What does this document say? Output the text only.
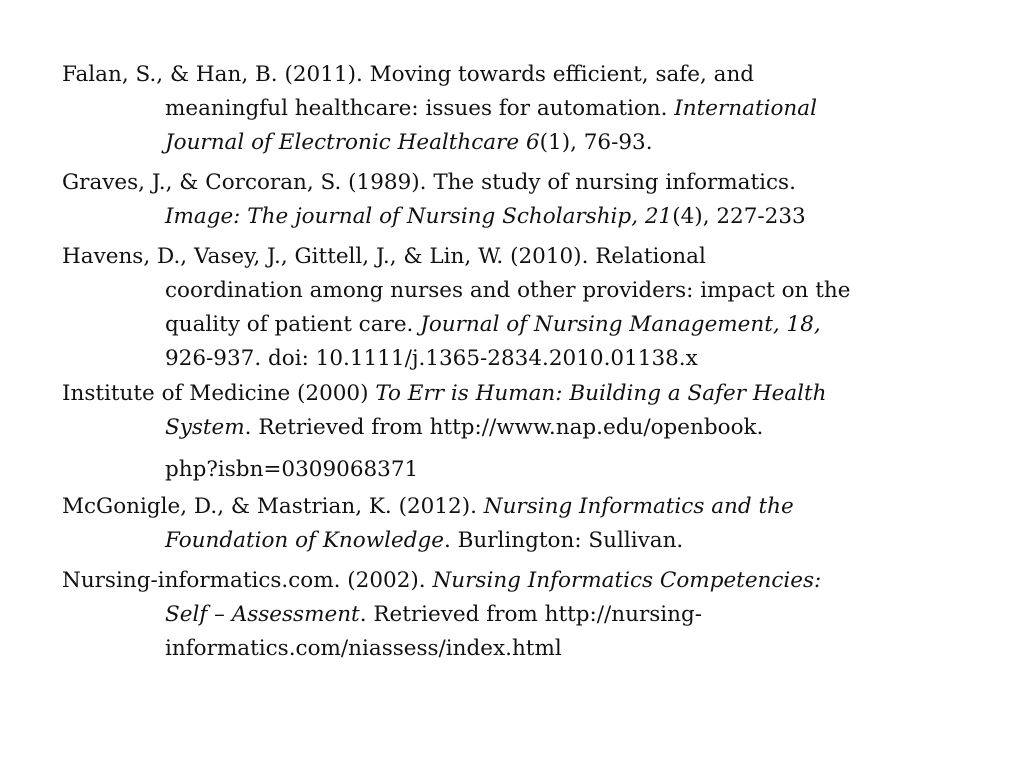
Falan, S., & Han, B. (2011). Moving towards efficient, safe, and
meaningful healthcare: issues for automation. International
Journal of Electronic Healthcare 6(1), 76-93.
Graves, J., & Corcoran, S. (1989). The study of nursing informatics.
Image: The journal of Nursing Scholarship, 21(4), 227-233
Havens, D., Vasey, J., Gittell, J., & Lin, W. (2010). Relational
coordination among nurses and other providers: impact on the
quality of patient care. Journal of Nursing Management, 18,
926-937. doi: 10.1111/j.1365-2834.2010.01138.x
Institute of Medicine (2000) To Err is Human: Building a Safer Health
System. Retrieved from http://www.nap.edu/openbook.
php?isbn=0309068371
McGonigle, D., & Mastrian, K. (2012). Nursing Informatics and the
Foundation of Knowledge. Burlington: Sullivan.
Nursing-informatics.com. (2002). Nursing Informatics Competencies:
Self – Assessment. Retrieved from http://nursing-
informatics.com/niassess/index.html
